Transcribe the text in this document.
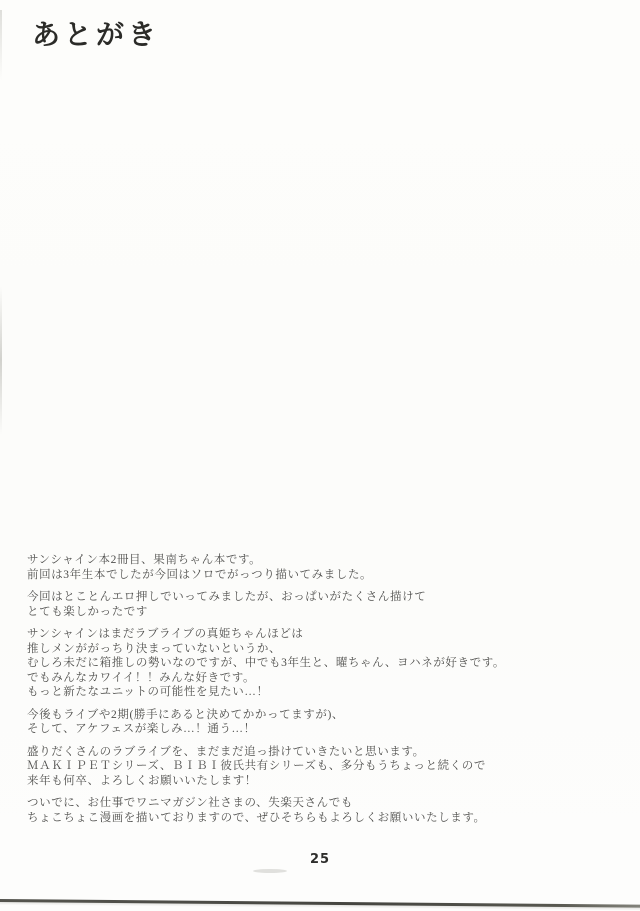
あとがき
サンシャイン本2冊目、果南ちゃん本です。
前回は3年生本でしたが今回はソロでがっつり描いてみました。
今回はとことんエロ押しでいってみましたが、おっぱいがたくさん描けて
とても楽しかったです
サンシャインはまだラブライブの真姫ちゃんほどは
推しメンががっちり決まっていないというか、
むしろ未だに箱推しの勢いなのですが、中でも3年生と、曜ちゃん、ヨハネが好きです。
でもみんなカワイイ！！みんな好きです。
もっと新たなユニットの可能性を見たい…！
今後もライブや2期(勝手にあると決めてかかってますが)、
そして、アケフェスが楽しみ…！通う…！
盛りだくさんのラブライブを、まだまだ追っ掛けていきたいと思います。
ＭＡＫＩＰＥＴシリーズ、ＢＩＢＩ彼氏共有シリーズも、多分もうちょっと続くので
来年も何卒、よろしくお願いいたします！
ついでに、お仕事でワニマガジン社さまの、失楽天さんでも
ちょこちょこ漫画を描いておりますので、ぜひそちらもよろしくお願いいたします。
25
